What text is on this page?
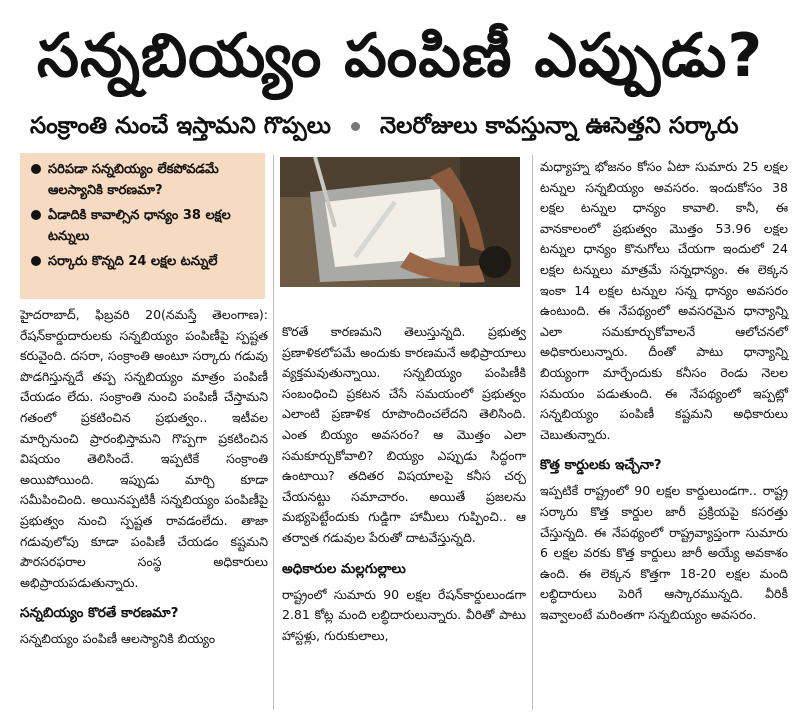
సన్నబియ్యం పంపిణీ ఎప్పుడు?
సంక్రాంతి నుంచే ఇస్తామని గొప్పలు నెలరోజులు కావస్తున్నా ఊసెత్తని సర్కారు
సరిపడా సన్నబియ్యం లేకపోవడమే ఆలస్యానికి కారణమా?
ఏడాదికి కావాల్సిన ధాన్యం 38 లక్షల టన్నులు
సర్కారు కొన్నది 24 లక్షల టన్నులే

హైదరాబాద్, ఫిబ్రవరి 20(నమస్తే తెలంగాణ): రేషన్‌కార్డుదారులకు సన్నబియ్యం పంపిణీపై స్పష్టత కరువైంది. దసరా, సంక్రాంతి అంటూ సర్కారు గడువు పొడగిస్తున్నదే తప్ప సన్నబియ్యం మాత్రం పంపిణీ చేయడం లేదు. సంక్రాంతి నుంచి పంపిణీ చేస్తామని గతంలో ప్రకటించిన ప్రభుత్వం.. ఇటీవల మార్చినుంచి ప్రారంభిస్తామని గొప్పగా ప్రకటించిన విషయం తెలిసిందే. ఇప్పటికే సంక్రాంతి అయిపోయింది. ఇప్పుడు మార్చి కూడా సమీపించింది. అయినప్పటికీ సన్నబియ్యం పంపిణీపై ప్రభుత్వం నుంచి స్పష్టత రావడంలేదు. తాజా గడువులోపు కూడా పంపిణీ చేయడం కష్టమని పౌరసరఫరాల సంస్థ అధికారులు అభిప్రాయపడుతున్నారు.

సన్నబియ్యం కొరతే కారణమా?

సన్నబియ్యం పంపిణీ ఆలస్యానికి బియ్యం

కొరతే కారణమని తెలుస్తున్నది. ప్రభుత్వ ప్రణాళికలోపమే అందుకు కారణమనే అభిప్రాయాలు వ్యక్తమవుతున్నాయి. సన్నబియ్యం పంపిణీకి సంబంధించి ప్రకటన చేసే సమయంలో ప్రభుత్వం ఎలాంటి ప్రణాళిక రూపొందించలేదని తెలిసింది. ఎంత బియ్యం అవసరం? ఆ మొత్తం ఎలా సమకూర్చుకోవాలి? బియ్యం ఎప్పుడు సిద్ధంగా ఉంటాయి? తదితర విషయాలపై కనీస చర్చ చేయనట్టు సమాచారం. అయితే ప్రజలను మభ్యపెట్టేందుకు గుడ్డిగా హామీలు గుప్పించి.. ఆ తర్వాత గడువుల పేరుతో దాటవేస్తున్నది.

అధికారుల మల్లగుల్లాలు

రాష్ట్రంలో సుమారు 90 లక్షల రేషన్‌కార్డులుండగా 2.81 కోట్ల మంది లబ్ధిదారులున్నారు. వీరితో పాటు హాస్టళ్లు, గురుకులాలు,

మధ్యాహ్న భోజనం కోసం ఏటా సుమారు 25 లక్షల టన్నుల సన్నబియ్యం అవసరం. ఇందుకోసం 38 లక్షల టన్నుల ధాన్యం కావాలి. కానీ, ఈ వానకాలంలో ప్రభుత్వం మొత్తం 53.96 లక్షల టన్నుల ధాన్యం కొనుగోలు చేయగా ఇందులో 24 లక్షల టన్నులు మాత్రమే సన్నధాన్యం. ఈ లెక్కన ఇంకా 14 లక్షల టన్నుల సన్న ధాన్యం అవసరం ఉంటుంది. ఈ నేపథ్యంలో అవసరమైన ధాన్యాన్ని ఎలా సమకూర్చుకోవాలనే ఆలోచనలో అధికారులున్నారు. దీంతో పాటు ధాన్యాన్ని బియ్యంగా మార్చేందుకు కనీసం రెండు నెలల సమయం పడుతుంది. ఈ నేపథ్యంలో ఇప్పట్లో సన్నబియ్యం పంపిణీ కష్టమని అధికారులు చెబుతున్నారు.

కొత్త కార్డులకు ఇచ్చేనా?

ఇప్పటికే రాష్ట్రంలో 90 లక్షల కార్డులుండగా.. రాష్ట్ర సర్కారు కొత్త కార్డుల జారీ ప్రక్రియపై కసరత్తు చేస్తున్నది. ఈ నేపథ్యంలో రాష్ట్రవ్యాప్తంగా సుమారు 6 లక్షల వరకు కొత్త కార్డులు జారీ అయ్యే అవకాశం ఉంది. ఈ లెక్కన కొత్తగా 18-20 లక్షల మంది లబ్ధిదారులు పెరిగే ఆస్కారమున్నది. వీరికీ ఇవ్వాలంటే మరింతగా సన్నబియ్యం అవసరం.
